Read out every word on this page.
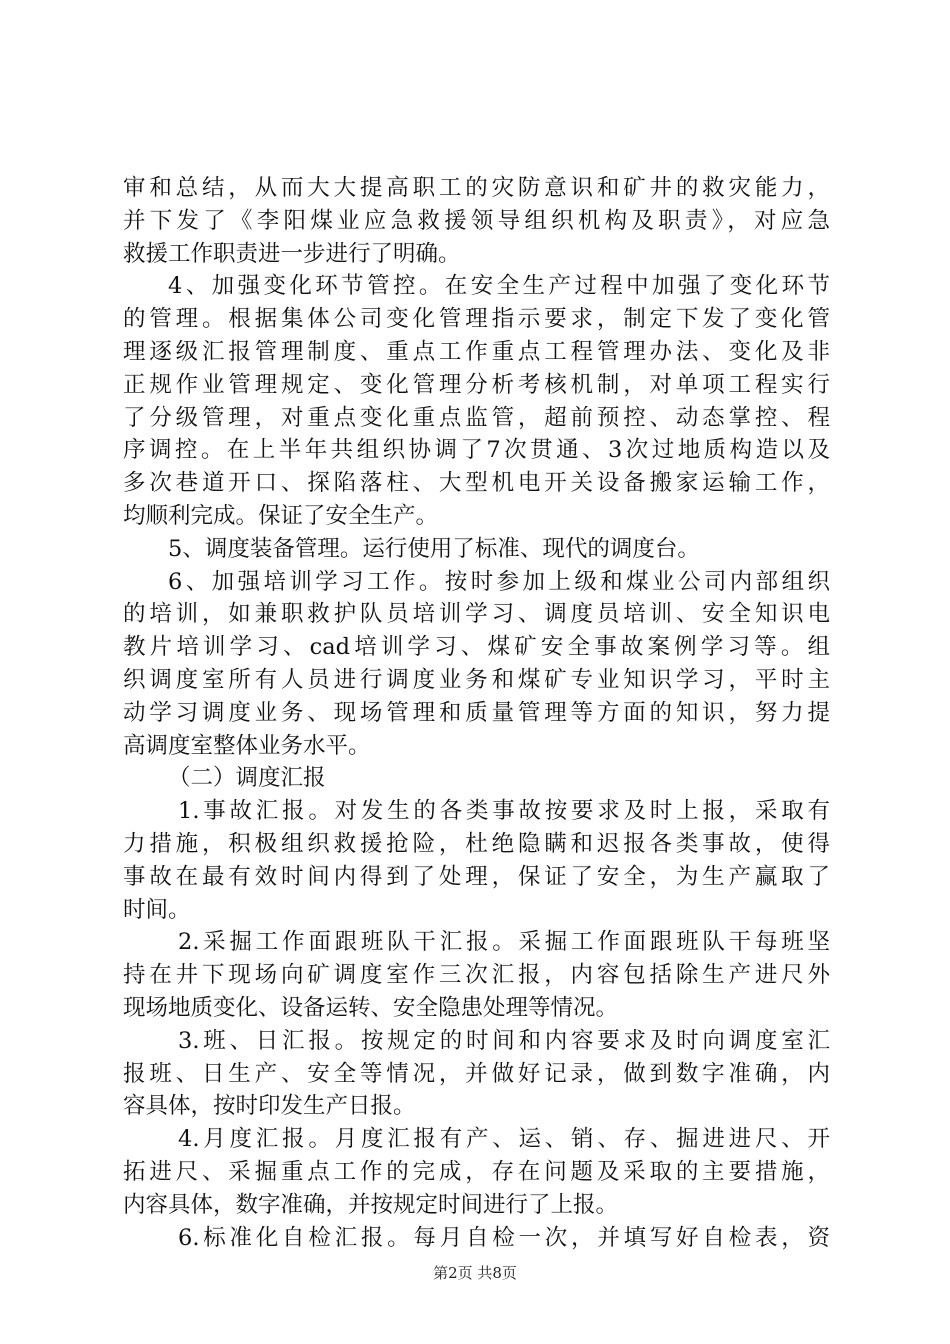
审和总结，从而大大提高职工的灾防意识和矿井的救灾能力，
并下发了《李阳煤业应急救援领导组织机构及职责》，对应急
救援工作职责进一步进行了明确。
4、加强变化环节管控。在安全生产过程中加强了变化环节
的管理。根据集体公司变化管理指示要求，制定下发了变化管
理逐级汇报管理制度、重点工作重点工程管理办法、变化及非
正规作业管理规定、变化管理分析考核机制，对单项工程实行
了分级管理，对重点变化重点监管，超前预控、动态掌控、程
序调控。在上半年共组织协调了7次贯通、3次过地质构造以及
多次巷道开口、探陷落柱、大型机电开关设备搬家运输工作，
均顺利完成。保证了安全生产。
5、调度装备管理。运行使用了标准、现代的调度台。
6、加强培训学习工作。按时参加上级和煤业公司内部组织
的培训，如兼职救护队员培训学习、调度员培训、安全知识电
教片培训学习、cad培训学习、煤矿安全事故案例学习等。组
织调度室所有人员进行调度业务和煤矿专业知识学习，平时主
动学习调度业务、现场管理和质量管理等方面的知识，努力提
高调度室整体业务水平。
（二）调度汇报
1.事故汇报。对发生的各类事故按要求及时上报，采取有
力措施，积极组织救援抢险，杜绝隐瞒和迟报各类事故，使得
事故在最有效时间内得到了处理，保证了安全，为生产赢取了
时间。
2.采掘工作面跟班队干汇报。采掘工作面跟班队干每班坚
持在井下现场向矿调度室作三次汇报，内容包括除生产进尺外
现场地质变化、设备运转、安全隐患处理等情况。
3.班、日汇报。按规定的时间和内容要求及时向调度室汇
报班、日生产、安全等情况，并做好记录，做到数字准确，内
容具体，按时印发生产日报。
4.月度汇报。月度汇报有产、运、销、存、掘进进尺、开
拓进尺、采掘重点工作的完成，存在问题及采取的主要措施，
内容具体，数字准确，并按规定时间进行了上报。
6.标准化自检汇报。每月自检一次，并填写好自检表，资
第2页 共8页
